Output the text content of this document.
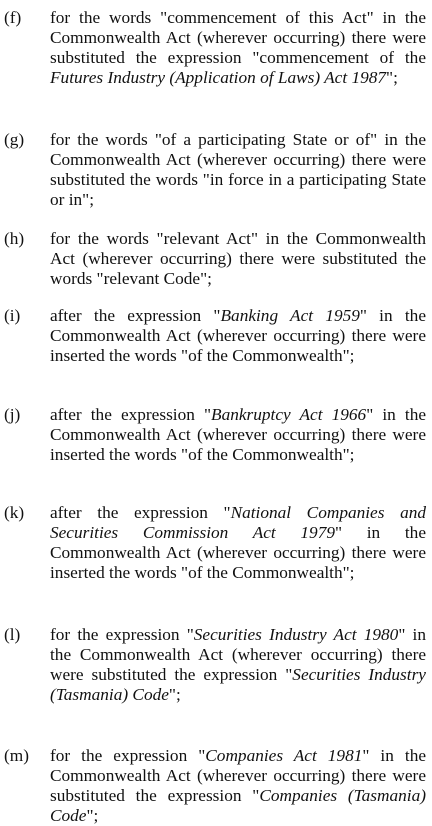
(f) for the words "commencement of this Act" in the Commonwealth Act (wherever occurring) there were substituted the expression "commencement of the Futures Industry (Application of Laws) Act 1987";
(g) for the words "of a participating State or of" in the Commonwealth Act (wherever occurring) there were substituted the words "in force in a participating State or in";
(h) for the words "relevant Act" in the Commonwealth Act (wherever occurring) there were substituted the words "relevant Code";
(i) after the expression "Banking Act 1959" in the Commonwealth Act (wherever occurring) there were inserted the words "of the Commonwealth";
(j) after the expression "Bankruptcy Act 1966" in the Commonwealth Act (wherever occurring) there were inserted the words "of the Commonwealth";
(k) after the expression "National Companies and Securities Commission Act 1979" in the Commonwealth Act (wherever occurring) there were inserted the words "of the Commonwealth";
(l) for the expression "Securities Industry Act 1980" in the Commonwealth Act (wherever occurring) there were substituted the expression "Securities Industry (Tasmania) Code";
(m) for the expression "Companies Act 1981" in the Commonwealth Act (wherever occurring) there were substituted the expression "Companies (Tasmania) Code";
